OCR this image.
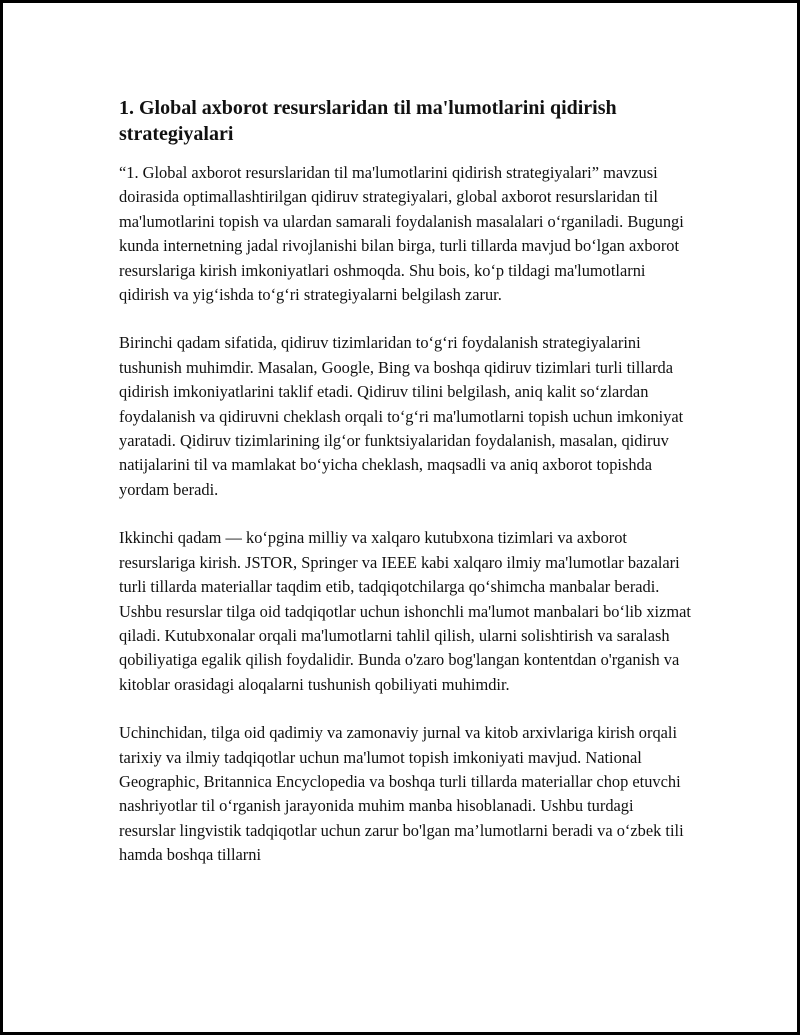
1. Global axborot resurslaridan til ma'lumotlarini qidirish strategiyalari

“1. Global axborot resurslaridan til ma'lumotlarini qidirish strategiyalari” mavzusi doirasida optimallashtirilgan qidiruv strategiyalari, global axborot resurslaridan til ma'lumotlarini topish va ulardan samarali foydalanish masalalari o‘rganiladi. Bugungi kunda internetning jadal rivojlanishi bilan birga, turli tillarda mavjud bo‘lgan axborot resurslariga kirish imkoniyatlari oshmoqda. Shu bois, ko‘p tildagi ma'lumotlarni qidirish va yig‘ishda to‘g‘ri strategiyalarni belgilash zarur.

Birinchi qadam sifatida, qidiruv tizimlaridan to‘g‘ri foydalanish strategiyalarini tushunish muhimdir. Masalan, Google, Bing va boshqa qidiruv tizimlari turli tillarda qidirish imkoniyatlarini taklif etadi. Qidiruv tilini belgilash, aniq kalit so‘zlardan foydalanish va qidiruvni cheklash orqali to‘g‘ri ma'lumotlarni topish uchun imkoniyat yaratadi. Qidiruv tizimlarining ilg‘or funktsiyalaridan foydalanish, masalan, qidiruv natijalarini til va mamlakat bo‘yicha cheklash, maqsadli va aniq axborot topishda yordam beradi.

Ikkinchi qadam — ko‘pgina milliy va xalqaro kutubxona tizimlari va axborot resurslariga kirish. JSTOR, Springer va IEEE kabi xalqaro ilmiy ma'lumotlar bazalari turli tillarda materiallar taqdim etib, tadqiqotchilarga qo‘shimcha manbalar beradi. Ushbu resurslar tilga oid tadqiqotlar uchun ishonchli ma'lumot manbalari bo‘lib xizmat qiladi. Kutubxonalar orqali ma'lumotlarni tahlil qilish, ularni solishtirish va saralash qobiliyatiga egalik qilish foydalidir. Bunda o'zaro bog'langan kontentdan o'rganish va kitoblar orasidagi aloqalarni tushunish qobiliyati muhimdir.

Uchinchidan, tilga oid qadimiy va zamonaviy jurnal va kitob arxivlariga kirish orqali tarixiy va ilmiy tadqiqotlar uchun ma'lumot topish imkoniyati mavjud. National Geographic, Britannica Encyclopedia va boshqa turli tillarda materiallar chop etuvchi nashriyotlar til o‘rganish jarayonida muhim manba hisoblanadi. Ushbu turdagi resurslar lingvistik tadqiqotlar uchun zarur bo'lgan ma’lumotlarni beradi va o‘zbek tili hamda boshqa tillarni
